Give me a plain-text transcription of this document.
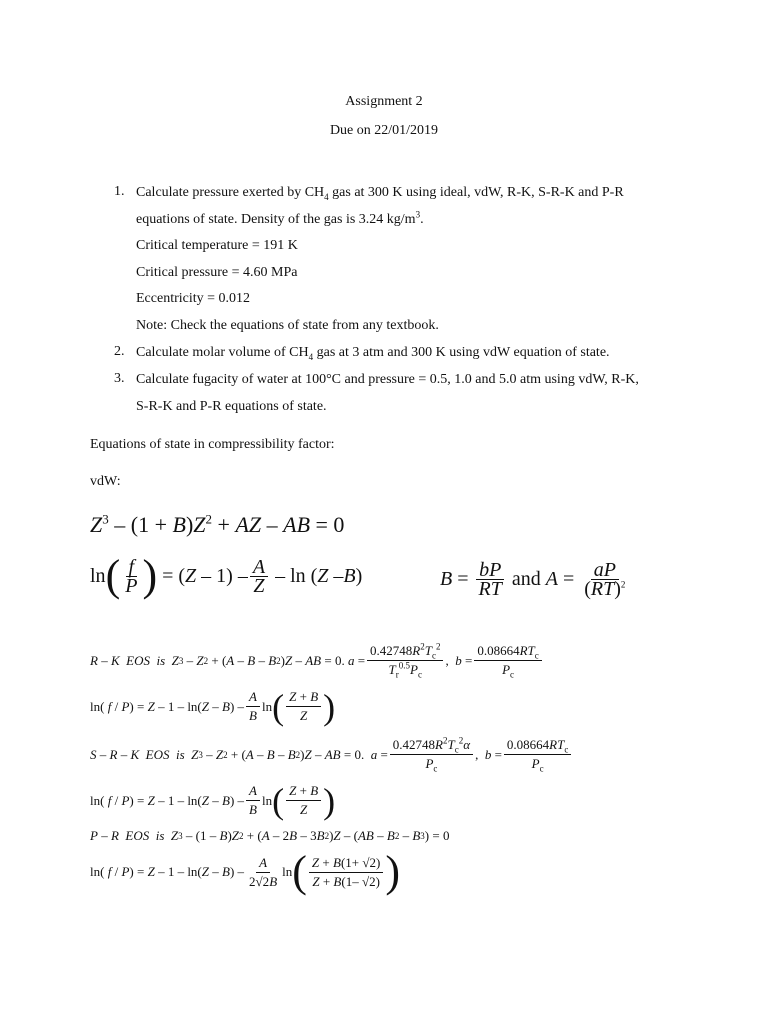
Assignment 2
Due on 22/01/2019
1. Calculate pressure exerted by $CH_4$ gas at 300 K using ideal, vdW, R-K, S-R-K and P-R
equations of state. Density of the gas is 3.24 $kg/m^3$.
Critical temperature = 191 K
Critical pressure = 4.60 MPa
Eccentricity = 0.012
Note: Check the equations of state from any textbook.
2. Calculate molar volume of $CH_4$ gas at 3 atm and 300 K using vdW equation of state.
3. Calculate fugacity of water at 100°C and pressure = 0.5, 1.0 and 5.0 atm using vdW, R-K,
S-R-K and P-R equations of state.
Equations of state in compressibility factor:
vdW:
$Z^3 - (1 + B)Z^2$ + AZ – AB = 0
ln ( $\frac{f}{P}$ ) = $(Z - 1) - \frac{A}{Z}$ – ln (Z –B)	$B = \frac{bP}{RT}$ and $A = \frac{aP}{(RT)^2}$
R – K
EOS
is
Z 3 – Z 2 + ( A – B – B 2 ) Z – AB = 0. $a = \frac{0.42748R^2T_c^2}{T_r^{0.5}P_c}$ , $b = \frac{0.08664RT_c}{P_c}$
ln( f / P ) = Z – 1 – ln( Z – B ) – $\frac{A}{B}$ ln ( $\frac{Z + B}{Z}$ )
S – R – K
EOS
is
Z 3 – Z 2 + ( A – B – B 2 ) Z – AB = 0. $a = \frac{0.42748R^2T_c^2\alpha}{P_c}$ , $b = \frac{0.08664RT_c}{P_c}$
ln( f / P ) = Z – 1 – ln( Z – B ) – $\frac{A}{B}$ ln ( $\frac{Z + B}{Z}$ )
P – R
EOS
is
Z 3 – (1 – B ) Z 2 + ( A – 2 B – 3 B 2 ) Z – ( AB – B 2 – B 3 ) = 0
ln( f / P ) = Z – 1 – ln( Z – B ) – $\frac{A}{2√2B}$ ln ( $\frac{Z + B(1+ √2)}{Z + B(1- √2)}$ )
